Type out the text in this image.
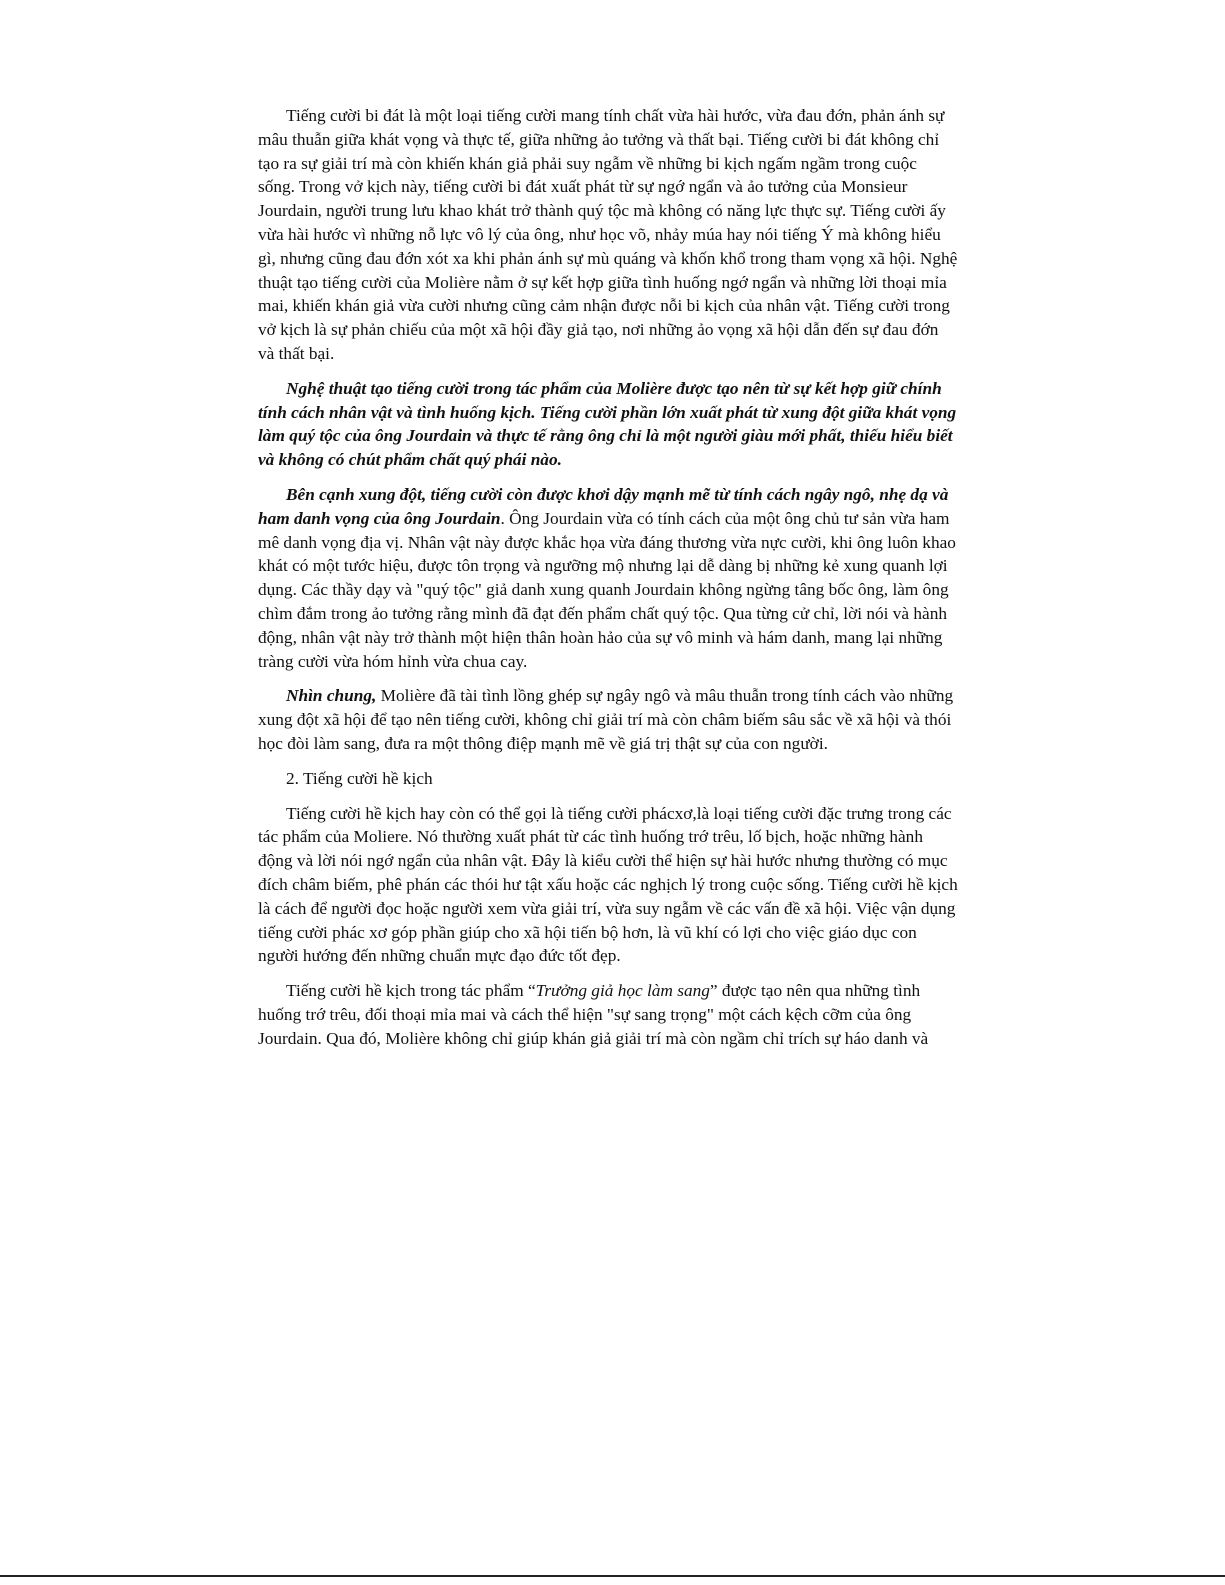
Tiếng cười bi đát là một loại tiếng cười mang tính chất vừa hài hước, vừa đau đớn, phản ánh sự mâu thuẫn giữa khát vọng và thực tế, giữa những ảo tưởng và thất bại. Tiếng cười bi đát không chỉ tạo ra sự giải trí mà còn khiến khán giả phải suy ngẫm về những bi kịch ngấm ngầm trong cuộc sống. Trong vở kịch này, tiếng cười bi đát xuất phát từ sự ngớ ngẩn và ảo tưởng của Monsieur Jourdain, người trung lưu khao khát trở thành quý tộc mà không có năng lực thực sự. Tiếng cười ấy vừa hài hước vì những nỗ lực vô lý của ông, như học võ, nhảy múa hay nói tiếng Ý mà không hiểu gì, nhưng cũng đau đớn xót xa khi phản ánh sự mù quáng và khốn khổ trong tham vọng xã hội. Nghệ thuật tạo tiếng cười của Molière nằm ở sự kết hợp giữa tình huống ngớ ngẩn và những lời thoại mỉa mai, khiến khán giả vừa cười nhưng cũng cảm nhận được nỗi bi kịch của nhân vật. Tiếng cười trong vở kịch là sự phản chiếu của một xã hội đầy giả tạo, nơi những ảo vọng xã hội dẫn đến sự đau đớn và thất bại.

Nghệ thuật tạo tiếng cười trong tác phẩm của Molière được tạo nên từ sự kết hợp giữ chính tính cách nhân vật và tình huống kịch. Tiếng cười phần lớn xuất phát từ xung đột giữa khát vọng làm quý tộc của ông Jourdain và thực tế rằng ông chỉ là một người giàu mới phất, thiếu hiểu biết và không có chút phẩm chất quý phái nào.

Bên cạnh xung đột, tiếng cười còn được khơi dậy mạnh mẽ từ tính cách ngây ngô, nhẹ dạ và ham danh vọng của ông Jourdain. Ông Jourdain vừa có tính cách của một ông chủ tư sản vừa ham mê danh vọng địa vị. Nhân vật này được khắc họa vừa đáng thương vừa nực cười, khi ông luôn khao khát có một tước hiệu, được tôn trọng và ngưỡng mộ nhưng lại dễ dàng bị những kẻ xung quanh lợi dụng. Các thầy dạy và "quý tộc" giả danh xung quanh Jourdain không ngừng tâng bốc ông, làm ông chìm đắm trong ảo tưởng rằng mình đã đạt đến phẩm chất quý tộc. Qua từng cử chỉ, lời nói và hành động, nhân vật này trở thành một hiện thân hoàn hảo của sự vô minh và hám danh, mang lại những tràng cười vừa hóm hỉnh vừa chua cay.

Nhìn chung, Molière đã tài tình lồng ghép sự ngây ngô và mâu thuẫn trong tính cách vào những xung đột xã hội để tạo nên tiếng cười, không chỉ giải trí mà còn châm biếm sâu sắc về xã hội và thói học đòi làm sang, đưa ra một thông điệp mạnh mẽ về giá trị thật sự của con người.

2. Tiếng cười hề kịch

Tiếng cười hề kịch hay còn có thể gọi là tiếng cười phácxơ,là loại tiếng cười đặc trưng trong các tác phẩm của Moliere. Nó thường xuất phát từ các tình huống trớ trêu, lố bịch, hoặc những hành động và lời nói ngớ ngẩn của nhân vật. Đây là kiểu cười thể hiện sự hài hước nhưng thường có mục đích châm biếm, phê phán các thói hư tật xấu hoặc các nghịch lý trong cuộc sống. Tiếng cười hề kịch là cách để người đọc hoặc người xem vừa giải trí, vừa suy ngẫm về các vấn đề xã hội. Việc vận dụng tiếng cười phác xơ góp phần giúp cho xã hội tiến bộ hơn, là vũ khí có lợi cho việc giáo dục con người hướng đến những chuẩn mực đạo đức tốt đẹp.

Tiếng cười hề kịch trong tác phẩm “Trưởng giả học làm sang” được tạo nên qua những tình huống trớ trêu, đối thoại mỉa mai và cách thể hiện "sự sang trọng" một cách kệch cỡm của ông Jourdain. Qua đó, Molière không chỉ giúp khán giả giải trí mà còn ngầm chỉ trích sự háo danh và
